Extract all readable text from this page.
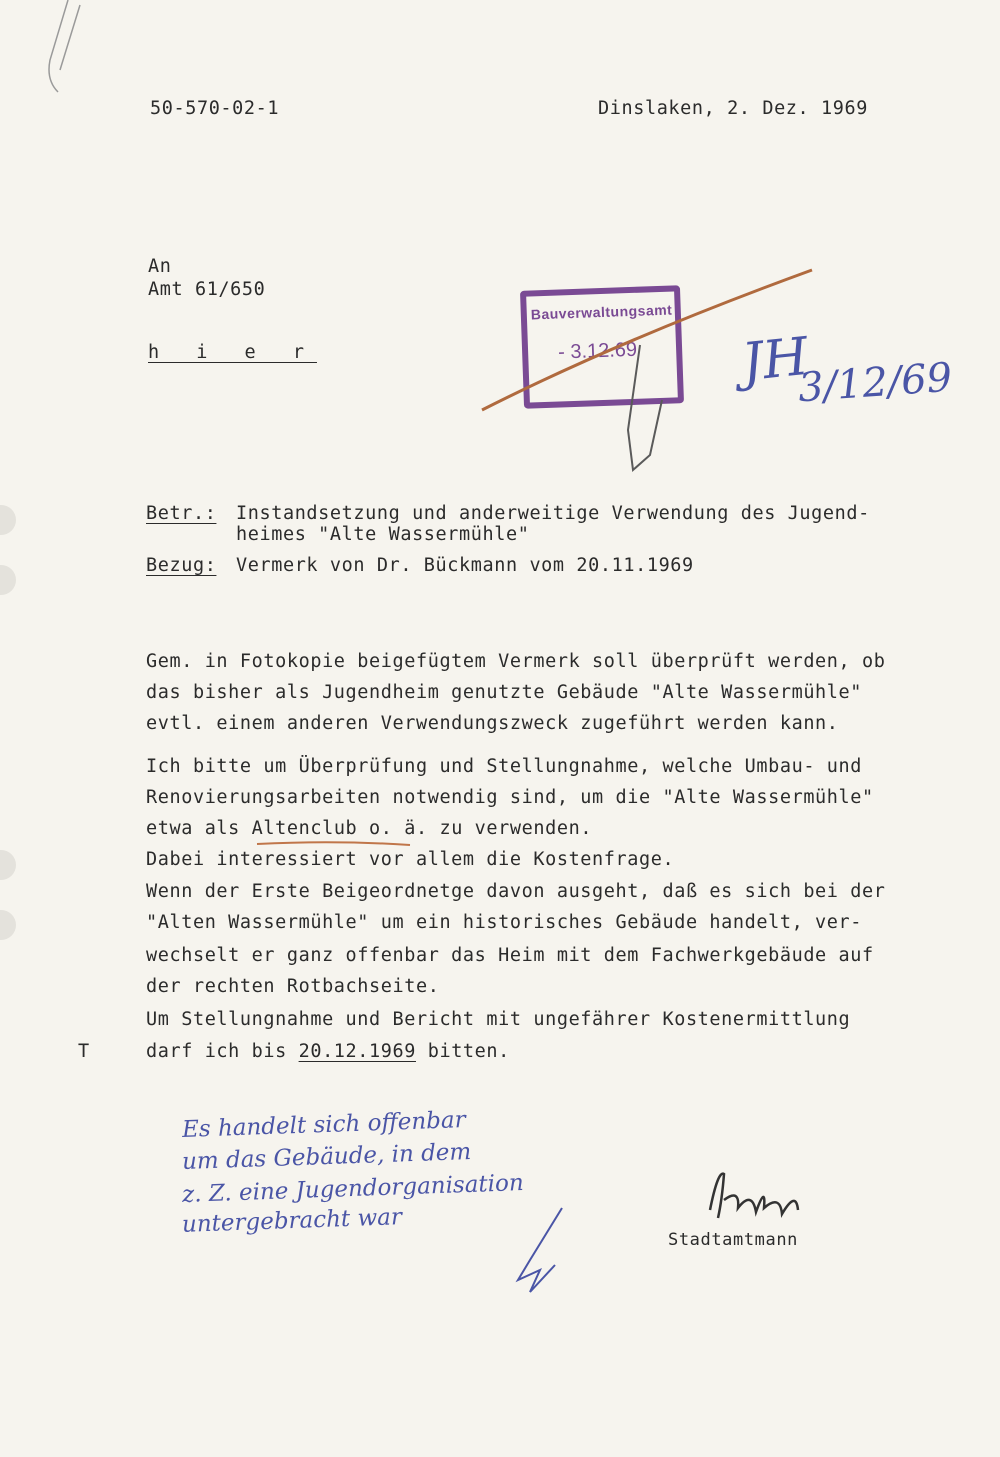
50-570-02-1	Dinslaken, 2. Dez. 1969
An
Amt 61/650
h i e r
Bauverwaltungsamt
- 3.12.69 JH
3/12/69
Betr.: Instandsetzung und anderweitige Verwendung des Jugend-
heimes "Alte Wassermühle"
Bezug: Vermerk von Dr. Bückmann vom 20.11.1969
Gem. in Fotokopie beigefügtem Vermerk soll überprüft werden, ob
das bisher als Jugendheim genutzte Gebäude "Alte Wassermühle"
evtl. einem anderen Verwendungszweck zugeführt werden kann.
Ich bitte um Überprüfung und Stellungnahme, welche Umbau- und
Renovierungsarbeiten notwendig sind, um die "Alte Wassermühle"
etwa als Altenclub o. ä. zu verwenden.
Dabei interessiert vor allem die Kostenfrage.
Wenn der Erste Beigeordnetge davon ausgeht, daß es sich bei der
"Alten Wassermühle" um ein historisches Gebäude handelt, ver-
wechselt er ganz offenbar das Heim mit dem Fachwerkgebäude auf
der rechten Rotbachseite.
Um Stellungnahme und Bericht mit ungefährer Kostenermittlung
T	darf ich bis 20.12.1969 bitten.
Es handelt sich offenbar
um das Gebäude, in dem
z. Z. eine Jugendorganisation
untergebracht war
Stadtamtmann
